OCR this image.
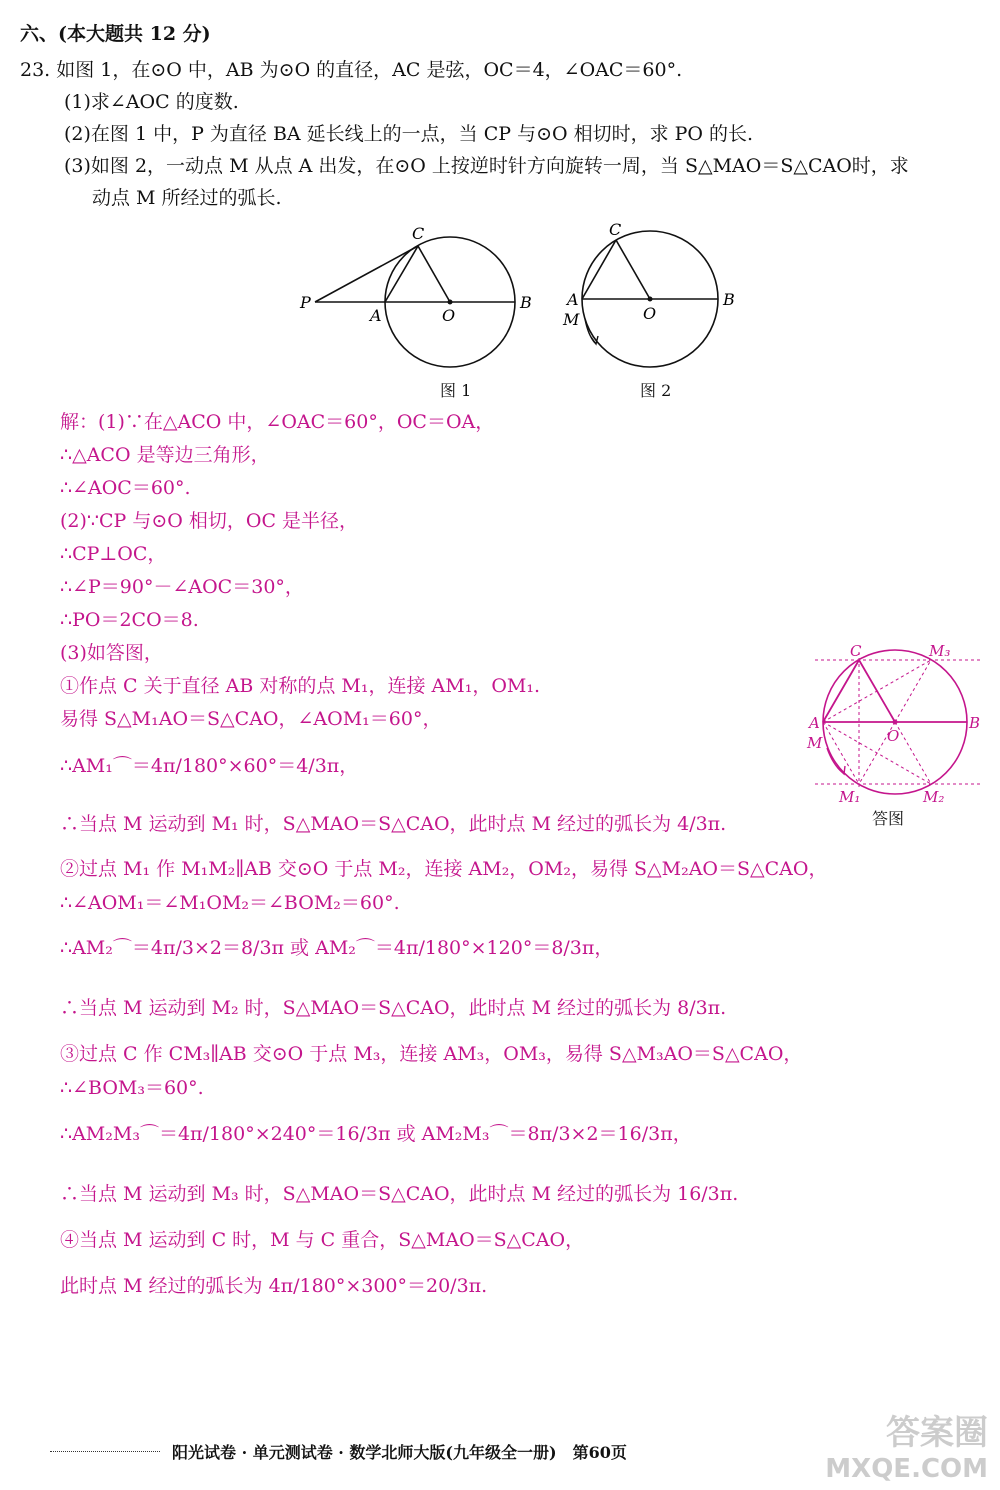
六、(本大题共 12 分)
23. 如图 1，在⊙O 中，AB 为⊙O 的直径，AC 是弦，OC＝4，∠OAC＝60°.
(1)求∠AOC 的度数.
(2)在图 1 中，P 为直径 BA 延长线上的一点，当 CP 与⊙O 相切时，求 PO 的长.
(3)如图 2，一动点 M 从点 A 出发，在⊙O 上按逆时针方向旋转一周，当 S△MAO＝S△CAO时，求
动点 M 所经过的弧长.
P
A	O
B
C
图 1
A
M	O
B
C
图 2
C	M₃
A	B
M	O
M₁	M₂
答图
解：(1)∵在△ACO 中，∠OAC＝60°，OC＝OA，
∴△ACO 是等边三角形，
∴∠AOC＝60°.
(2)∵CP 与⊙O 相切，OC 是半径，
∴CP⊥OC，
∴∠P＝90°－∠AOC＝30°，
∴PO＝2CO＝8.
(3)如答图，
①作点 C 关于直径 AB 对称的点 M₁，连接 AM₁，OM₁.
易得 S△M₁AO＝S△CAO，∠AOM₁＝60°，
∴AM₁⌒＝4π/180°×60°＝4/3π，
∴当点 M 运动到 M₁ 时，S△MAO＝S△CAO，此时点 M 经过的弧长为 4/3π.
②过点 M₁ 作 M₁M₂∥AB 交⊙O 于点 M₂，连接 AM₂，OM₂，易得 S△M₂AO＝S△CAO，
∴∠AOM₁＝∠M₁OM₂＝∠BOM₂＝60°.
∴AM₂⌒＝4π/3×2＝8/3π 或 AM₂⌒＝4π/180°×120°＝8/3π，
∴当点 M 运动到 M₂ 时，S△MAO＝S△CAO，此时点 M 经过的弧长为 8/3π.
③过点 C 作 CM₃∥AB 交⊙O 于点 M₃，连接 AM₃，OM₃，易得 S△M₃AO＝S△CAO，
∴∠BOM₃＝60°.
∴AM₂M₃⌒＝4π/180°×240°＝16/3π 或 AM₂M₃⌒＝8π/3×2＝16/3π，
∴当点 M 运动到 M₃ 时，S△MAO＝S△CAO，此时点 M 经过的弧长为 16/3π.
④当点 M 运动到 C 时，M 与 C 重合，S△MAO＝S△CAO，
此时点 M 经过的弧长为 4π/180°×300°＝20/3π.
阳光试卷 · 单元测试卷 · 数学北师大版(九年级全一册)　第60页	答案圈
MXQE.COM
